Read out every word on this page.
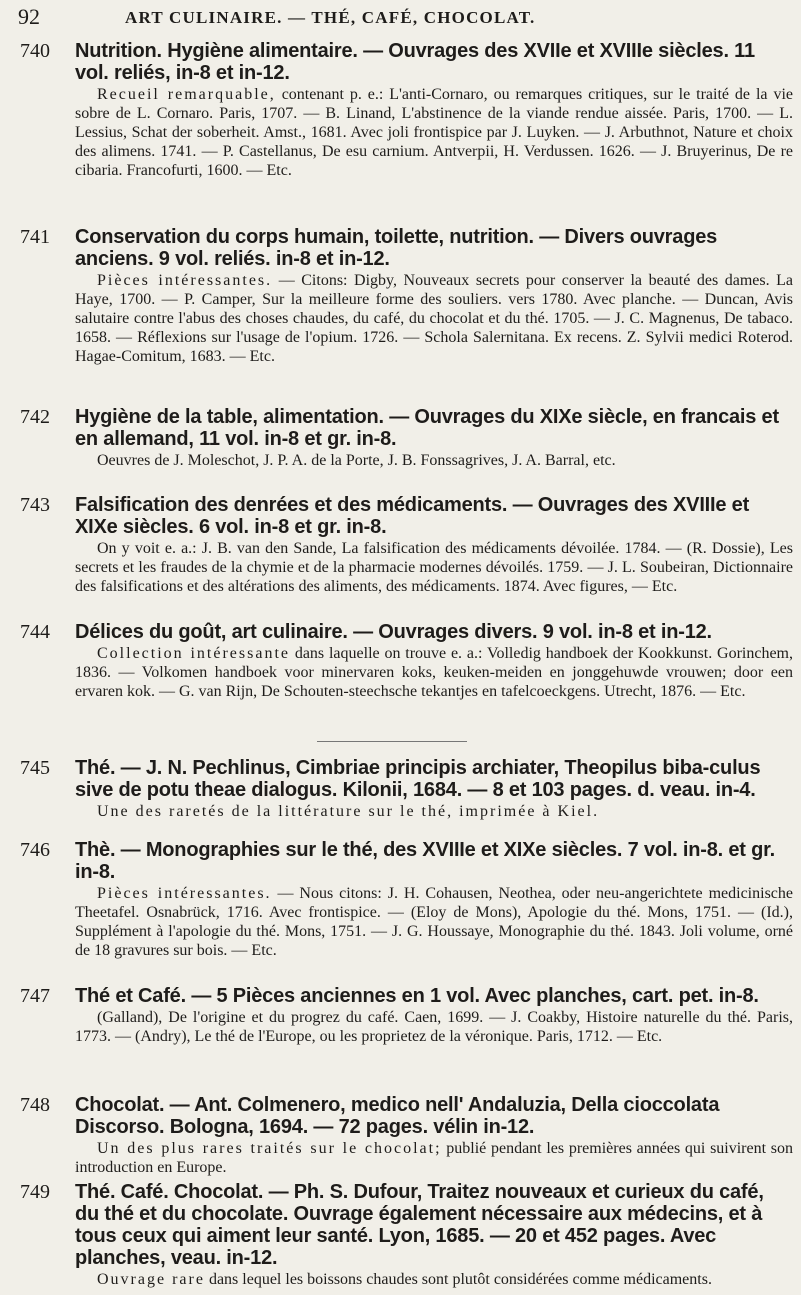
92	ART CULINAIRE. — THÉ, CAFÉ, CHOCOLAT.
740 Nutrition. Hygiène alimentaire. — Ouvrages des XVIIe et XVIIIe siècles. 11 vol. reliés, in-8 et in-12.

Recueil remarquable, contenant p. e.: L'anti-Cornaro, ou remarques critiques, sur le traité de la vie sobre de L. Cornaro. Paris, 1707. — B. Linand, L'abstinence de la viande rendue aissée. Paris, 1700. — L. Lessius, Schat der soberheit. Amst., 1681. Avec joli frontispice par J. Luyken. — J. Arbuthnot, Nature et choix des alimens. 1741. — P. Castellanus, De esu carnium. Antverpii, H. Verdussen. 1626. — J. Bruyerinus, De re cibaria. Francofurti, 1600. — Etc.

741 Conservation du corps humain, toilette, nutrition. — Divers ouvrages anciens. 9 vol. reliés. in-8 et in-12.

Pièces intéressantes. — Citons: Digby, Nouveaux secrets pour conserver la beauté des dames. La Haye, 1700. — P. Camper, Sur la meilleure forme des souliers. vers 1780. Avec planche. — Duncan, Avis salutaire contre l'abus des choses chaudes, du café, du chocolat et du thé. 1705. — J. C. Magnenus, De tabaco. 1658. — Réflexions sur l'usage de l'opium. 1726. — Schola Salernitana. Ex recens. Z. Sylvii medici Roterod. Hagae-Comitum, 1683. — Etc.

742 Hygiène de la table, alimentation. — Ouvrages du XIXe siècle, en francais et en allemand, 11 vol. in-8 et gr. in-8.

Oeuvres de J. Moleschot, J. P. A. de la Porte, J. B. Fonssagrives, J. A. Barral, etc.

743 Falsification des denrées et des médicaments. — Ouvrages des XVIIIe et XIXe siècles. 6 vol. in-8 et gr. in-8.

On y voit e. a.: J. B. van den Sande, La falsification des médicaments dévoilée. 1784. — (R. Dossie), Les secrets et les fraudes de la chymie et de la pharmacie modernes dévoilés. 1759. — J. L. Soubeiran, Dictionnaire des falsifications et des altérations des aliments, des médicaments. 1874. Avec figures, — Etc.

744 Délices du goût, art culinaire. — Ouvrages divers. 9 vol. in-8 et in-12.

Collection intéressante dans laquelle on trouve e. a.: Volledig handboek der Kookkunst. Gorinchem, 1836. — Volkomen handboek voor minervaren koks, keuken-meiden en jonggehuwde vrouwen; door een ervaren kok. — G. van Rijn, De Schouten-steechsche tekantjes en tafelcoeckgens. Utrecht, 1876. — Etc.

745 Thé. — J. N. Pechlinus, Cimbriae principis archiater, Theopilus biba-culus sive de potu theae dialogus. Kilonii, 1684. — 8 et 103 pages. d. veau. in-4.

Une des raretés de la littérature sur le thé, imprimée à Kiel.

746 Thè. — Monographies sur le thé, des XVIIIe et XIXe siècles. 7 vol. in-8. et gr. in-8.

Pièces intéressantes. — Nous citons: J. H. Cohausen, Neothea, oder neu-angerichtete medicinische Theetafel. Osnabrück, 1716. Avec frontispice. — (Eloy de Mons), Apologie du thé. Mons, 1751. — (Id.), Supplément à l'apologie du thé. Mons, 1751. — J. G. Houssaye, Monographie du thé. 1843. Joli volume, orné de 18 gravures sur bois. — Etc.

747 Thé et Café. — 5 Pièces anciennes en 1 vol. Avec planches, cart. pet. in-8.

(Galland), De l'origine et du progrez du café. Caen, 1699. — J. Coakby, Histoire naturelle du thé. Paris, 1773. — (Andry), Le thé de l'Europe, ou les proprietez de la véronique. Paris, 1712. — Etc.

748 Chocolat. — Ant. Colmenero, medico nell' Andaluzia, Della cioccolata Discorso. Bologna, 1694. — 72 pages. vélin in-12.

Un des plus rares traités sur le chocolat; publié pendant les premières années qui suivirent son introduction en Europe.

749 Thé. Café. Chocolat. — Ph. S. Dufour, Traitez nouveaux et curieux du café, du thé et du chocolate. Ouvrage également nécessaire aux médecins, et à tous ceux qui aiment leur santé. Lyon, 1685. — 20 et 452 pages. Avec planches, veau. in-12.

Ouvrage rare dans lequel les boissons chaudes sont plutôt considérées comme médicaments.
